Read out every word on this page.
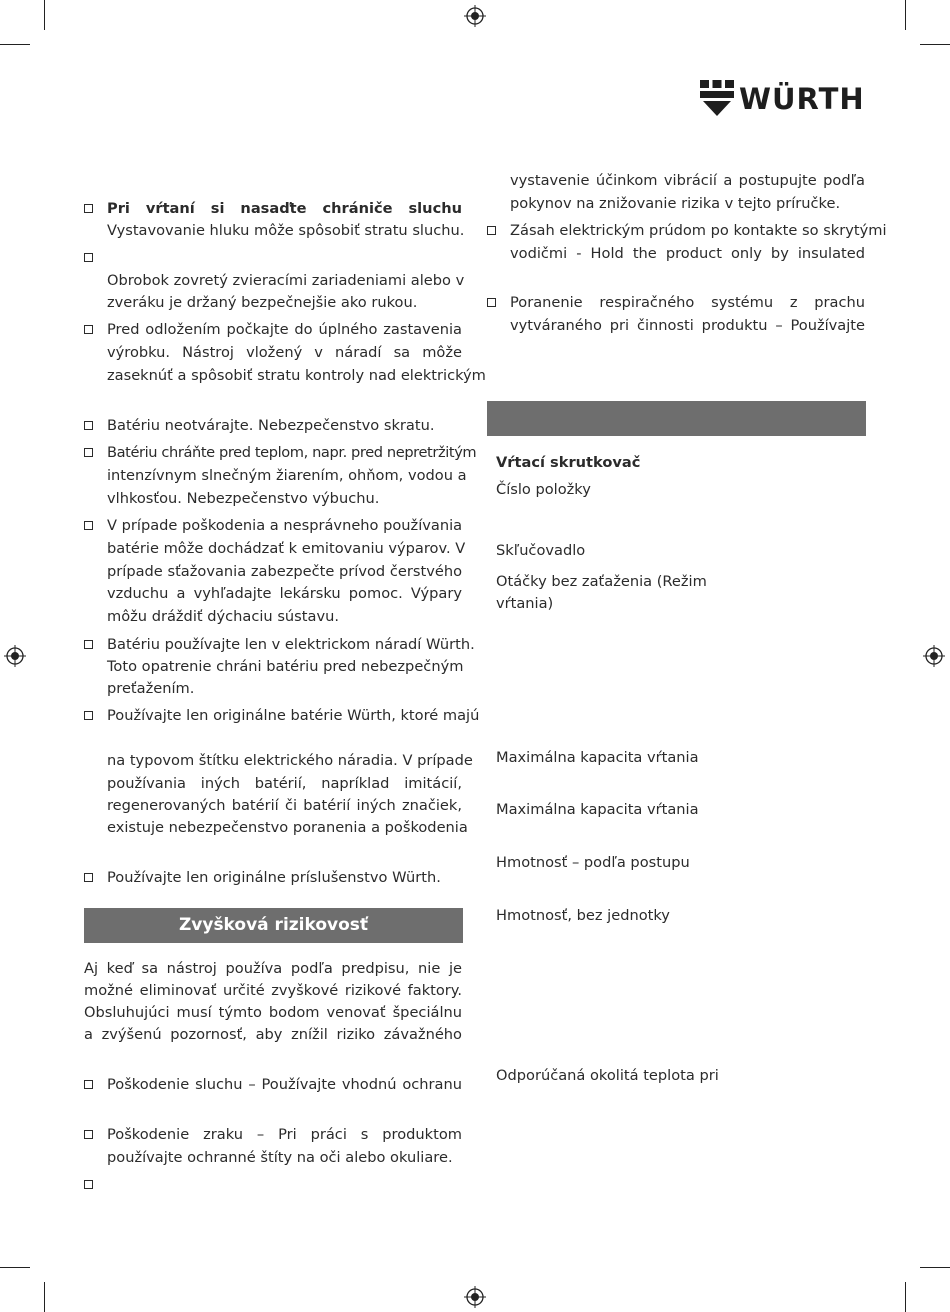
WÜRTH
Pri vŕtaní si nasaďte chrániče sluchu
Vystavovanie hluku môže spôsobiť stratu sluchu.
Obrobok zovretý zvieracími zariadeniami alebo v
zveráku je držaný bezpečnejšie ako rukou.
Pred odložením počkajte do úplného zastavenia
výrobku. Nástroj vložený v náradí sa môže
zaseknúť a spôsobiť stratu kontroly nad elektrickým
Batériu neotvárajte. Nebezpečenstvo skratu.
Batériu chráňte pred teplom, napr. pred nepretržitým
intenzívnym slnečným žiarením, ohňom, vodou a
vlhkosťou. Nebezpečenstvo výbuchu.
V prípade poškodenia a nesprávneho používania
batérie môže dochádzať k emitovaniu výparov. V
prípade sťažovania zabezpečte prívod čerstvého
vzduchu a vyhľadajte lekársku pomoc. Výpary
môžu dráždiť dýchaciu sústavu.
Batériu používajte len v elektrickom náradí Würth.
Toto opatrenie chráni batériu pred nebezpečným
preťažením.
Používajte len originálne batérie Würth, ktoré majú
na typovom štítku elektrického náradia. V prípade
používania iných batérií, napríklad imitácií,
regenerovaných batérií či batérií iných značiek,
existuje nebezpečenstvo poranenia a poškodenia
Používajte len originálne príslušenstvo Würth.
Zvyšková rizikovosť
Aj keď sa nástroj používa podľa predpisu, nie je
možné eliminovať určité zvyškové rizikové faktory.
Obsluhujúci musí týmto bodom venovať špeciálnu
a zvýšenú pozornosť, aby znížil riziko závažného
Poškodenie sluchu – Používajte vhodnú ochranu
Poškodenie zraku – Pri práci s produktom
používajte ochranné štíty na oči alebo okuliare.
vystavenie účinkom vibrácií a postupujte podľa
pokynov na znižovanie rizika v tejto príručke.
Zásah elektrickým prúdom po kontakte so skrytými
vodičmi - Hold the product only by insulated
Poranenie respiračného systému z prachu
vytváraného pri činnosti produktu – Používajte
Vŕtací skrutkovač
Číslo položky
Skľučovadlo
Otáčky bez zaťaženia (Režim
vŕtania)
Maximálna kapacita vŕtania
Maximálna kapacita vŕtania
Hmotnosť – podľa postupu
Hmotnosť, bez jednotky
Odporúčaná okolitá teplota pri
